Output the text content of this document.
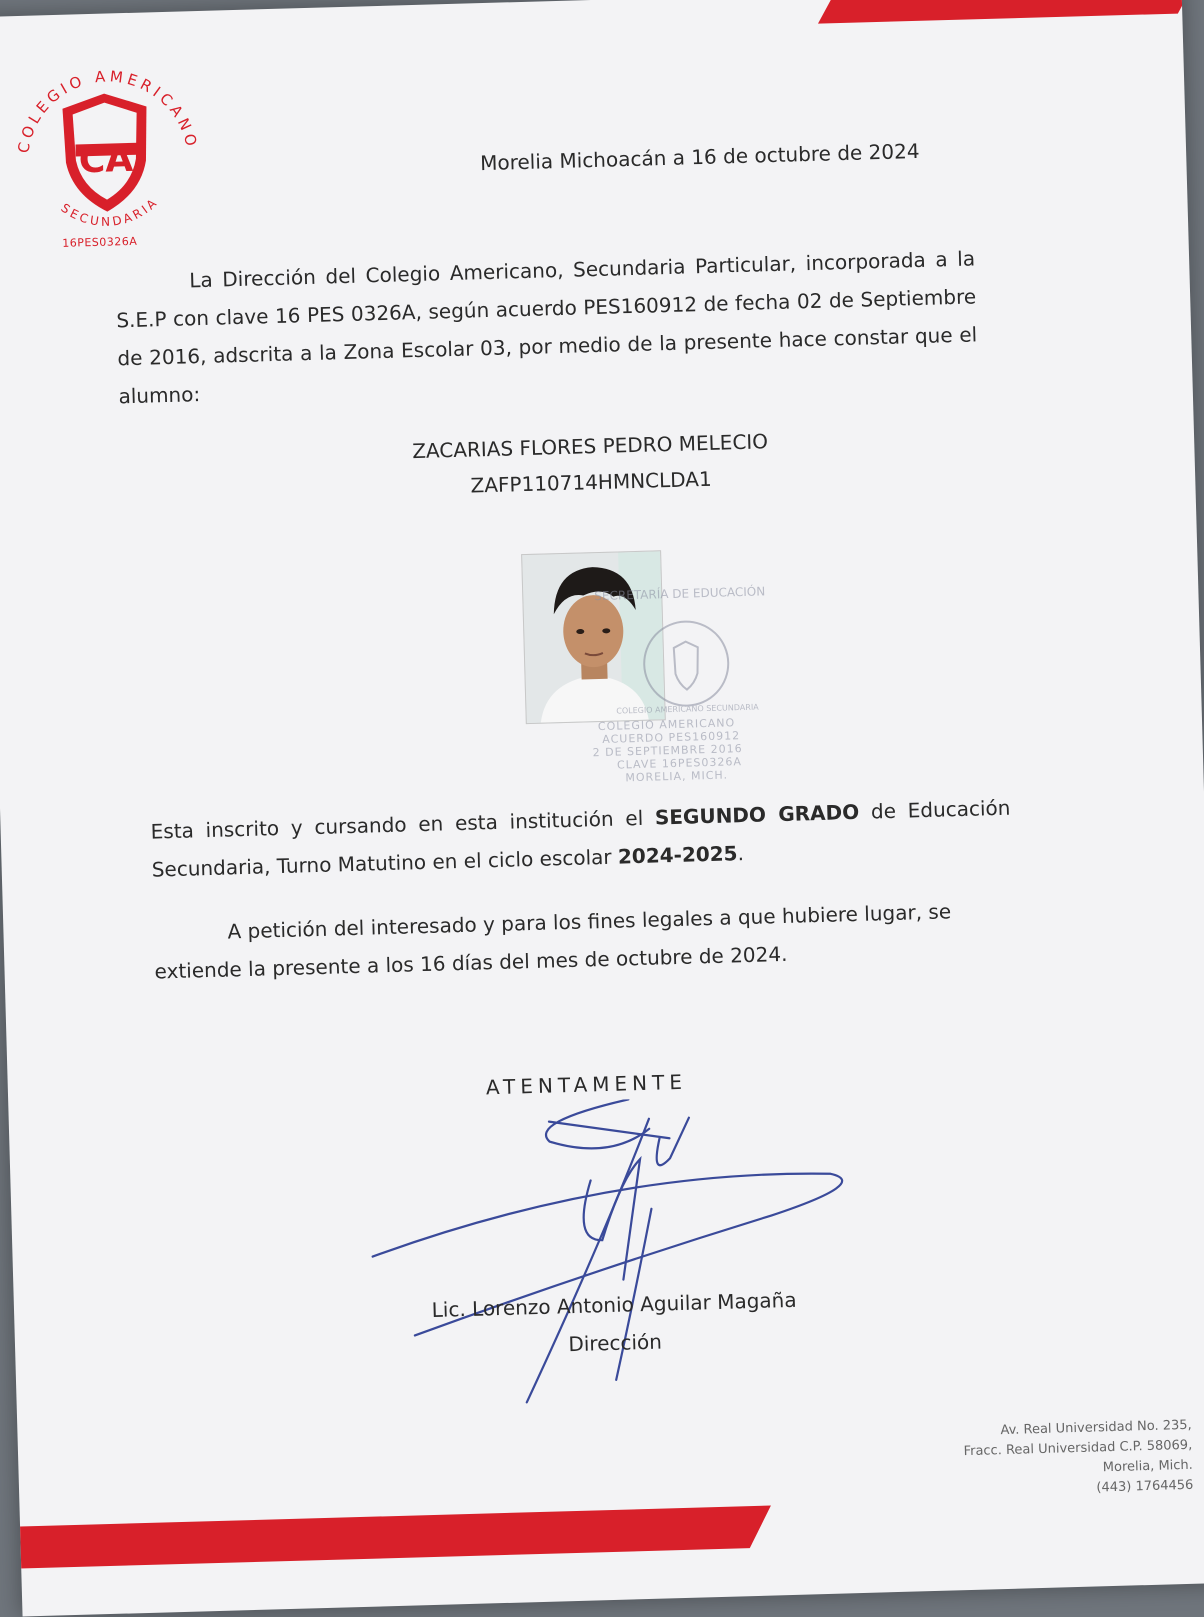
COLEGIO AMERICANO
SECUNDARIA
CA
16PES0326A
Morelia Michoacán a 16 de octubre de 2024
La Dirección del Colegio Americano, Secundaria Particular, incorporada a la S.E.P con clave 16 PES 0326A, según acuerdo PES160912 de fecha 02 de Septiembre de 2016, adscrita a la Zona Escolar 03, por medio de la presente hace constar que el alumno:
ZACARIAS FLORES PEDRO MELECIO
ZAFP110714HMNCLDA1
SECRETARÍA DE EDUCACIÓN
COLEGIO AMERICANO SECUNDARIA
COLEGIO AMERICANO
ACUERDO PES160912
2 DE SEPTIEMBRE 2016
CLAVE 16PES0326A
MORELIA, MICH.
Esta inscrito y cursando en esta institución el SEGUNDO GRADO de Educación Secundaria, Turno Matutino en el ciclo escolar 2024-2025.
A petición del interesado y para los fines legales a que hubiere lugar, se extiende la presente a los 16 días del mes de octubre de 2024.
ATENTAMENTE
Lic. Lorenzo Antonio Aguilar Magaña
Dirección
Av. Real Universidad No. 235,
Fracc. Real Universidad C.P. 58069,
Morelia, Mich.
(443) 1764456
